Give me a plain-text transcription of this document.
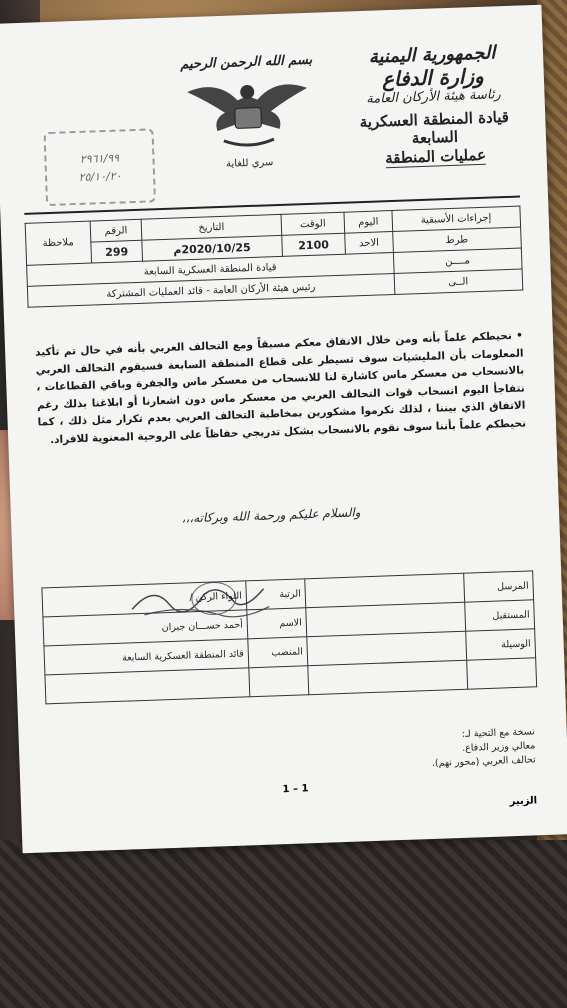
الجمهورية اليمنية
وزارة الدفاع
رئاسة هيئة الأركان العامة
قيادة المنطقة العسكرية السابعة
عمليات المنطقة
بسم الله الرحمن الرحيم
سري للغاية
٢٩٦١/٩٩
٢٥/١٠/٢٠
إجراءات الأسبقية	اليوم	الوقت	التاريخ	الرقم	ملاحظة
طرط	الاحد	2100	2020/10/25م	299	
مــــن	قيادة المنطقة العسكرية السابعة				
الــى	رئيس هيئة الأركان العامة - قائد العمليات المشتركة				
• نحيطكم علماً بأنه ومن خلال الاتفاق معكم مسبقاً ومع التحالف العربي بأنه في حال تم تأكيد المعلومات بأن المليشيات سوف تسيطر على قطاع المنطقة السابعة فسيقوم التحالف العربي بالانسحاب من معسكر ماس كاشارة لنا للانسحاب من معسكر ماس والجفرة وباقي القطاعات ، نتفاجأ اليوم انسحاب قوات التحالف العربي من معسكر ماس دون اشعارنا أو ابلاغنا بذلك رغم الاتفاق الذي بيننا ، لذلك نكرموا مشكورين بمخاطبة التحالف العربي بعدم تكرار مثل ذلك ، كما نحيطكم علماً بأننا سوف نقوم بالانسحاب بشكل تدريجي حفاظاً على الروحية المعنوية للافراد.
والسلام عليكم ورحمة الله وبركاته،،،
المرسل		الرتبة	اللواء الركن /
المستقبل		الاسم	أحمد حســـان جبران
الوسيلة		المنصب	قائد المنطقة العسكرية السابعة

نسخة مع التحية لـ:
معالي وزير الدفاع.
تحالف العربي (محور نهم).
1 – 1
الزبير
